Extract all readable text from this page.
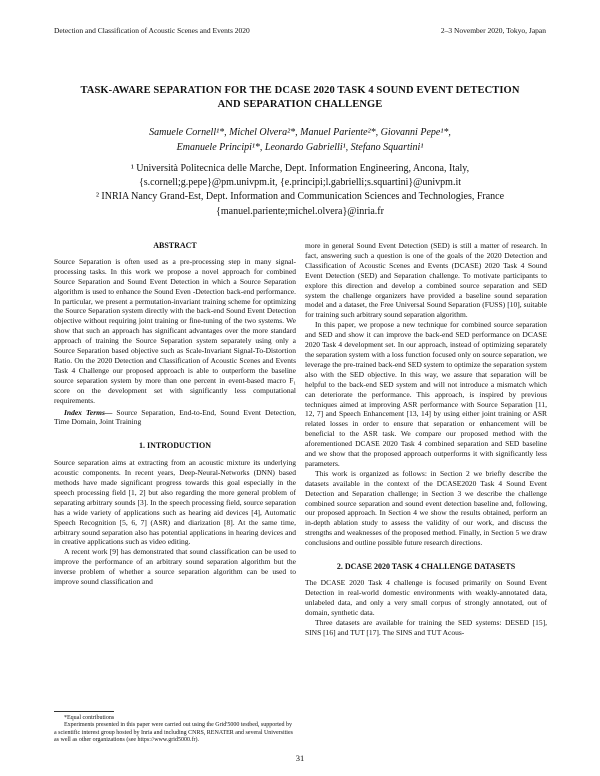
Detection and Classification of Acoustic Scenes and Events 2020	2–3 November 2020, Tokyo, Japan
TASK-AWARE SEPARATION FOR THE DCASE 2020 TASK 4 SOUND EVENT DETECTION
AND SEPARATION CHALLENGE
Samuele Cornell¹*, Michel Olvera²*, Manuel Pariente²*, Giovanni Pepe¹*,
Emanuele Principi¹*, Leonardo Gabrielli¹, Stefano Squartini¹
¹ Università Politecnica delle Marche, Dept. Information Engineering, Ancona, Italy,
{s.cornell;g.pepe}@pm.univpm.it, {e.principi;l.gabrielli;s.squartini}@univpm.it
² INRIA Nancy Grand-Est, Dept. Information and Communication Sciences and Technologies, France
{manuel.pariente;michel.olvera}@inria.fr

ABSTRACT

Source Separation is often used as a pre-processing step in many signal-processing tasks. In this work we propose a novel approach for combined Source Separation and Sound Event Detection in which a Source Separation algorithm is used to enhance the Sound Even -Detection back-end performance. In particular, we present a permutation-invariant training scheme for optimizing the Source Separation system directly with the back-end Sound Event Detection objective without requiring joint training or fine-tuning of the two systems. We show that such an approach has significant advantages over the more standard approach of training the Source Separation system separately using only a Source Separation based objective such as Scale-Invariant Signal-To-Distortion Ratio. On the 2020 Detection and Classification of Acoustic Scenes and Events Task 4 Challenge our proposed approach is able to outperform the baseline source separation system by more than one percent in event-based macro F₁ score on the development set with significantly less computational requirements.

Index Terms— Source Separation, End-to-End, Sound Event Detection, Time Domain, Joint Training

1. INTRODUCTION

Source separation aims at extracting from an acoustic mixture its underlying acoustic components. In recent years, Deep-Neural-Networks (DNN) based methods have made significant progress towards this goal especially in the speech processing field [1, 2] but also regarding the more general problem of separating arbitrary sounds [3]. In the speech processing field, source separation has a wide variety of applications such as hearing aid devices [4], Automatic Speech Recognition [5, 6, 7] (ASR) and diarization [8]. At the same time, arbitrary sound separation also has potential applications in hearing devices and in creative applications such as video editing.

A recent work [9] has demonstrated that sound classification can be used to improve the performance of an arbitrary sound separation algorithm but the inverse problem of whether a source separation algorithm can be used to improve sound classification and

more in general Sound Event Detection (SED) is still a matter of research. In fact, answering such a question is one of the goals of the 2020 Detection and Classification of Acoustic Scenes and Events (DCASE) 2020 Task 4 Sound Event Detection (SED) and Separation challenge. To motivate participants to explore this direction and develop a combined source separation and SED system the challenge organizers have provided a baseline sound separation model and a dataset, the Free Universal Sound Separation (FUSS) [10], suitable for training such arbitrary sound separation algorithm.

In this paper, we propose a new technique for combined source separation and SED and show it can improve the back-end SED performance on DCASE 2020 Task 4 development set. In our approach, instead of optimizing separately the separation system with a loss function focused only on source separation, we leverage the pre-trained back-end SED system to optimize the separation system also with the SED objective. In this way, we assure that separation will be helpful to the back-end SED system and will not introduce a mismatch which can deteriorate the performance. This approach, is inspired by previous techniques aimed at improving ASR performance with Source Separation [11, 12, 7] and Speech Enhancement [13, 14] by using either joint training or ASR related losses in order to ensure that separation or enhancement will be beneficial to the ASR task. We compare our proposed method with the aforementioned DCASE 2020 Task 4 combined separation and SED baseline and we show that the proposed approach outperforms it with significantly less parameters.

This work is organized as follows: in Section 2 we briefly describe the datasets available in the context of the DCASE2020 Task 4 Sound Event Detection and Separation challenge; in Section 3 we describe the challenge combined source separation and sound event detection baseline and, following, our proposed approach. In Section 4 we show the results obtained, perform an in-depth ablation study to assess the validity of our work, and discuss the strengths and weaknesses of the proposed method. Finally, in Section 5 we draw conclusions and outline possible future research directions.

2. DCASE 2020 TASK 4 CHALLENGE DATASETS

The DCASE 2020 Task 4 challenge is focused primarily on Sound Event Detection in real-world domestic environments with weakly-annotated data, unlabeled data, and only a very small corpus of strongly annotated, out of domain, synthetic data.

Three datasets are available for training the SED systems: DESED [15], SINS [16] and TUT [17]. The SINS and TUT Acous-

*Equal contributions
Experiments presented in this paper were carried out using the Grid'5000 testbed, supported by a scientific interest group hosted by Inria and including CNRS, RENATER and several Universities as well as other organizations (see https://www.grid5000.fr).
31
